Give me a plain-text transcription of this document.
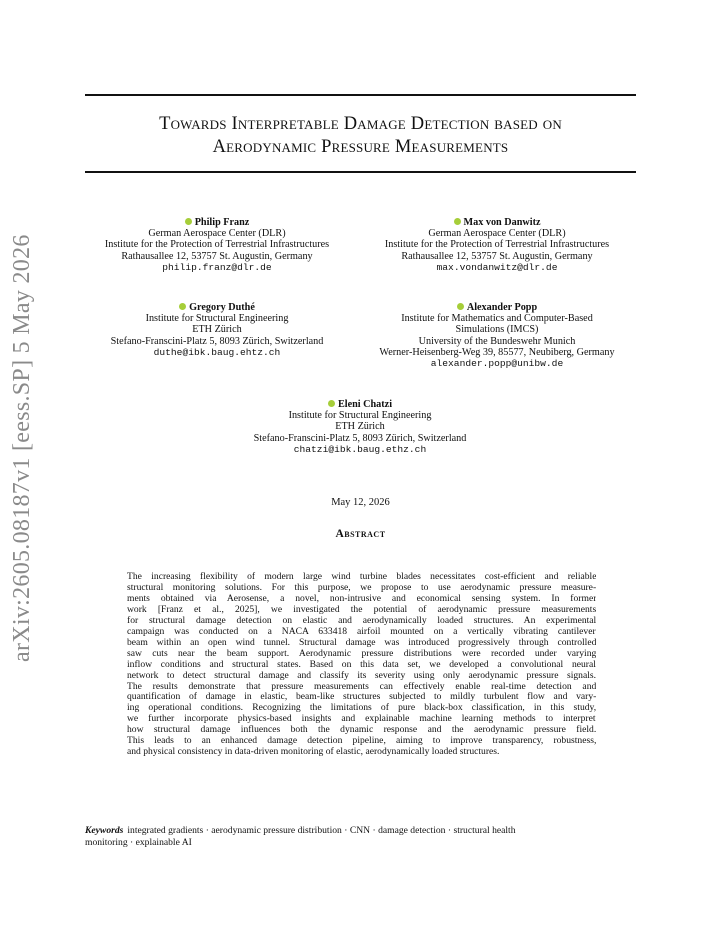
arXiv:2605.08187v1 [eess.SP] 5 May 2026
Towards Interpretable Damage Detection based on
Aerodynamic Pressure Measurements
Philip Franz
German Aerospace Center (DLR)
Institute for the Protection of Terrestrial Infrastructures
Rathausallee 12, 53757 St. Augustin, Germany
philip.franz@dlr.de
Max von Danwitz
German Aerospace Center (DLR)
Institute for the Protection of Terrestrial Infrastructures
Rathausallee 12, 53757 St. Augustin, Germany
max.vondanwitz@dlr.de
Gregory Duthé
Institute for Structural Engineering
ETH Zürich
Stefano-Franscini-Platz 5, 8093 Zürich, Switzerland
duthe@ibk.baug.ehtz.ch
Alexander Popp
Institute for Mathematics and Computer-Based
Simulations (IMCS)
University of the Bundeswehr Munich
Werner-Heisenberg-Weg 39, 85577, Neubiberg, Germany
alexander.popp@unibw.de
Eleni Chatzi
Institute for Structural Engineering
ETH Zürich
Stefano-Franscini-Platz 5, 8093 Zürich, Switzerland
chatzi@ibk.baug.ethz.ch
May 12, 2026
Abstract
The increasing flexibility of modern large wind turbine blades necessitates cost-efficient and reliable
structural monitoring solutions. For this purpose, we propose to use aerodynamic pressure measure-
ments obtained via Aerosense, a novel, non-intrusive and economical sensing system. In former
work [Franz et al., 2025], we investigated the potential of aerodynamic pressure measurements
for structural damage detection on elastic and aerodynamically loaded structures. An experimental
campaign was conducted on a NACA 633418 airfoil mounted on a vertically vibrating cantilever
beam within an open wind tunnel. Structural damage was introduced progressively through controlled
saw cuts near the beam support. Aerodynamic pressure distributions were recorded under varying
inflow conditions and structural states. Based on this data set, we developed a convolutional neural
network to detect structural damage and classify its severity using only aerodynamic pressure signals.
The results demonstrate that pressure measurements can effectively enable real-time detection and
quantification of damage in elastic, beam-like structures subjected to mildly turbulent flow and vary-
ing operational conditions. Recognizing the limitations of pure black-box classification, in this study,
we further incorporate physics-based insights and explainable machine learning methods to interpret
how structural damage influences both the dynamic response and the aerodynamic pressure field.
This leads to an enhanced damage detection pipeline, aiming to improve transparency, robustness,
and physical consistency in data-driven monitoring of elastic, aerodynamically loaded structures.
Keywords integrated gradients · aerodynamic pressure distribution · CNN · damage detection · structural health
monitoring · explainable AI
